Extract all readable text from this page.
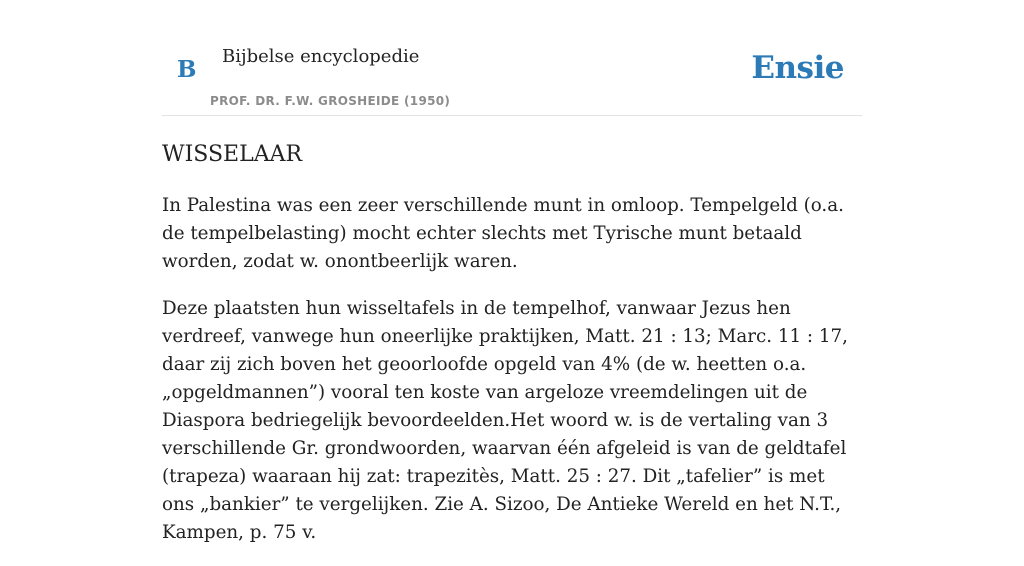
B Bijbelse encyclopedie
PROF. DR. F.W. GROSHEIDE (1950)
Ensie
WISSELAAR

In Palestina was een zeer verschillende munt in omloop. Tempelgeld (o.a. de tempelbelasting) mocht echter slechts met Tyrische munt betaald worden, zodat w. onontbeerlijk waren.

Deze plaatsten hun wisseltafels in de tempelhof, vanwaar Jezus hen verdreef, vanwege hun oneerlijke praktijken, Matt. 21 : 13; Marc. 11 : 17, daar zij zich boven het geoorloofde opgeld van 4% (de w. heetten o.a. „opgeldmannen”) vooral ten koste van argeloze vreemdelingen uit de Diaspora bedriegelijk bevoordeelden.Het woord w. is de vertaling van 3 verschillende Gr. grondwoorden, waarvan één afgeleid is van de geldtafel (trapeza) waaraan hij zat: trapezitès, Matt. 25 : 27. Dit „tafelier” is met ons „bankier” te vergelijken. Zie A. Sizoo, De Antieke Wereld en het N.T., Kampen, p. 75 v.
